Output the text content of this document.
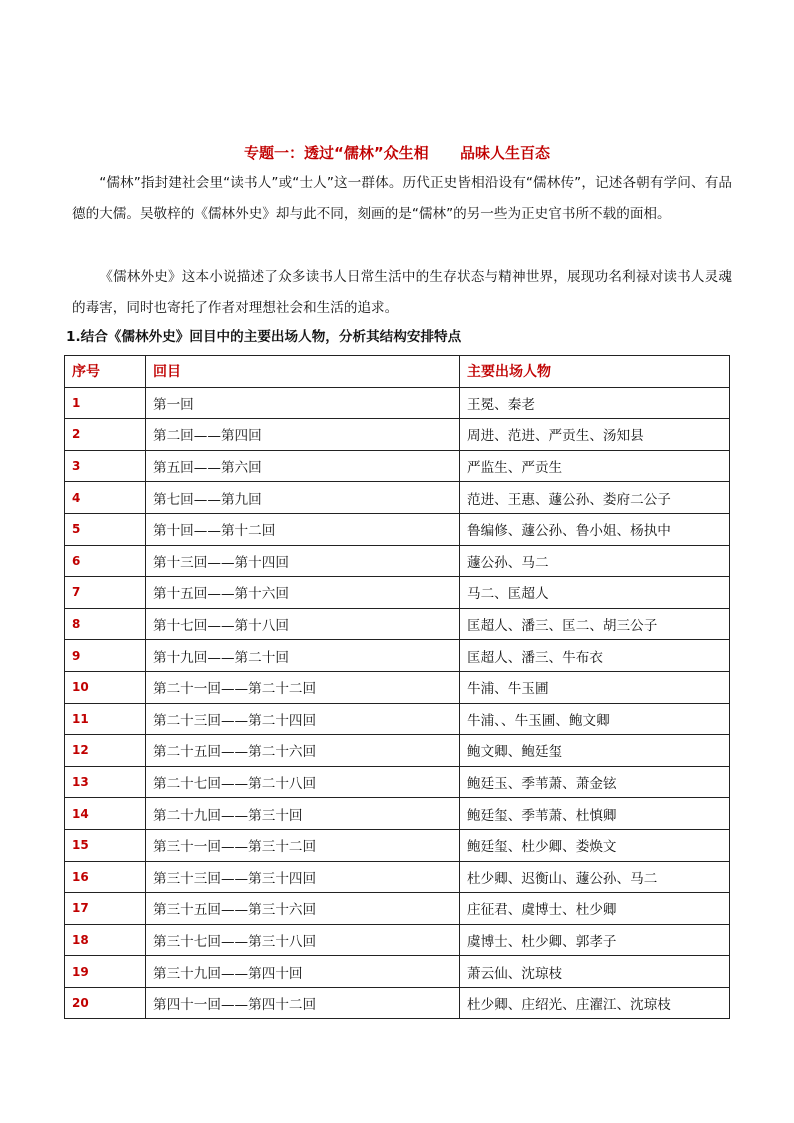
专题一：透过“儒林”众生相      品味人生百态

“儒林”指封建社会里“读书人”或“士人”这一群体。历代正史皆相沿设有“儒林传”，记述各朝有学问、有品德的大儒。吴敬梓的《儒林外史》却与此不同，刻画的是“儒林”的另一些为正史官书所不载的面相。

《儒林外史》这本小说描述了众多读书人日常生活中的生存状态与精神世界，展现功名利禄对读书人灵魂的毒害，同时也寄托了作者对理想社会和生活的追求。

1.结合《儒林外史》回目中的主要出场人物，分析其结构安排特点

序号	回目	主要出场人物
1	第一回	王冕、秦老
2	第二回——第四回	周进、范进、严贡生、汤知县
3	第五回——第六回	严监生、严贡生
4	第七回——第九回	范进、王惠、蘧公孙、娄府二公子
5	第十回——第十二回	鲁编修、蘧公孙、鲁小姐、杨执中
6	第十三回——第十四回	蘧公孙、马二
7	第十五回——第十六回	马二、匡超人
8	第十七回——第十八回	匡超人、潘三、匡二、胡三公子
9	第十九回——第二十回	匡超人、潘三、牛布衣
10	第二十一回——第二十二回	牛浦、牛玉圃
11	第二十三回——第二十四回	牛浦、、牛玉圃、鲍文卿
12	第二十五回——第二十六回	鲍文卿、鲍廷玺
13	第二十七回——第二十八回	鲍廷玉、季苇萧、萧金铉
14	第二十九回——第三十回	鲍廷玺、季苇萧、杜慎卿
15	第三十一回——第三十二回	鲍廷玺、杜少卿、娄焕文
16	第三十三回——第三十四回	杜少卿、迟衡山、蘧公孙、马二
17	第三十五回——第三十六回	庄征君、虞博士、杜少卿
18	第三十七回——第三十八回	虞博士、杜少卿、郭孝子
19	第三十九回——第四十回	萧云仙、沈琼枝
20	第四十一回——第四十二回	杜少卿、庄绍光、庄濯江、沈琼枝
